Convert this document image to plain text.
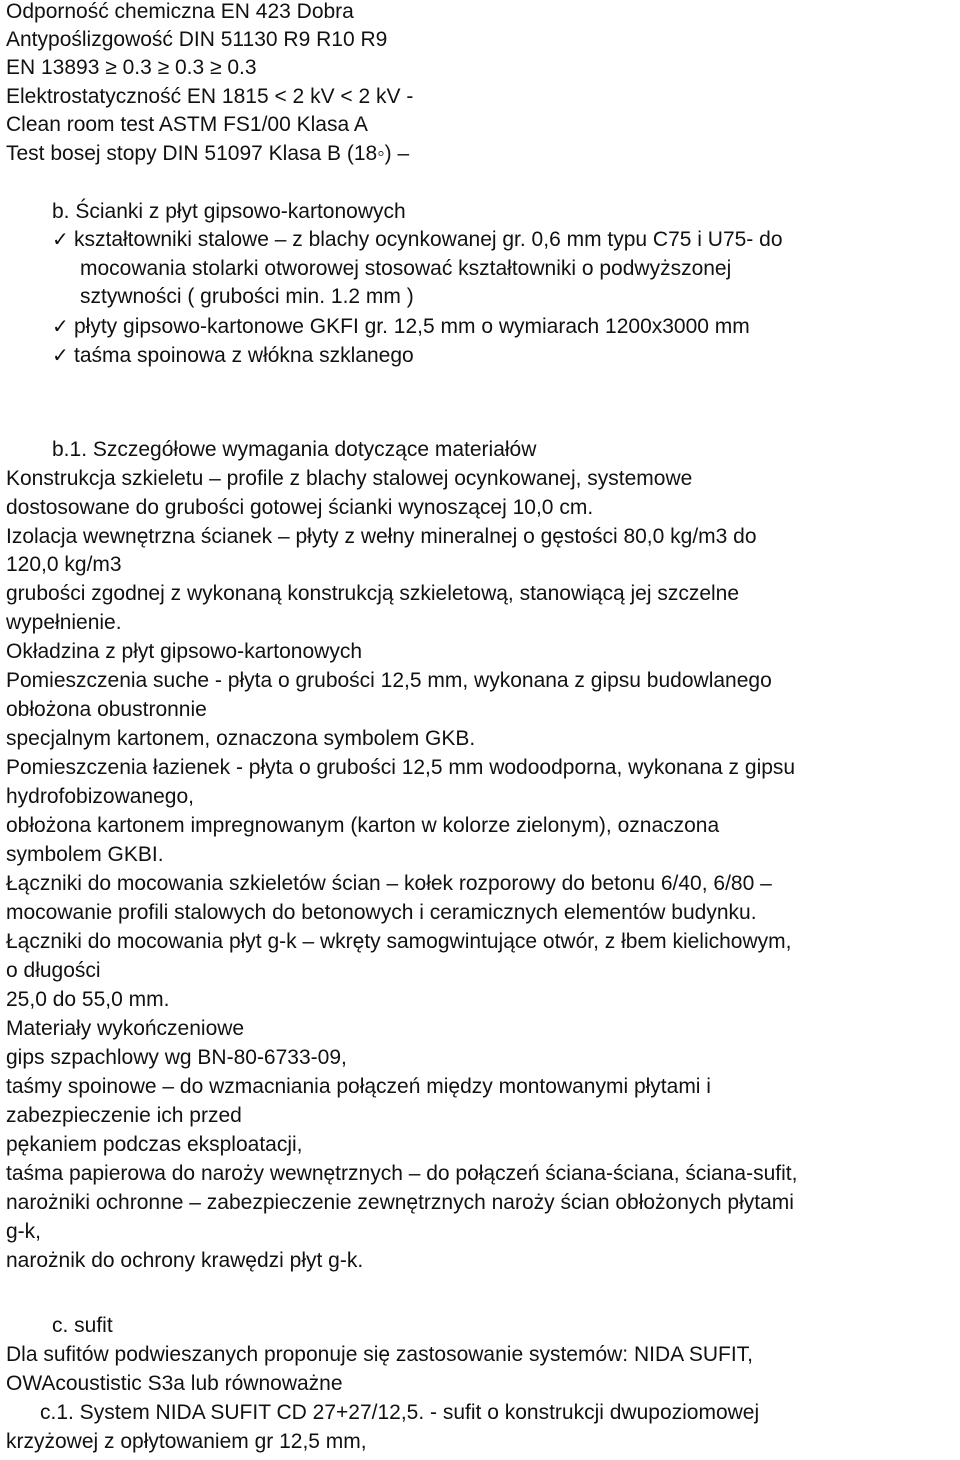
Odporność chemiczna EN 423 Dobra
Antypoślizgowość DIN 51130 R9 R10 R9
EN 13893 ≥ 0.3 ≥ 0.3 ≥ 0.3
Elektrostatyczność EN 1815 < 2 kV < 2 kV -
Clean room test ASTM FS1/00 Klasa A
Test bosej stopy DIN 51097 Klasa B (18◦) –
b. Ścianki z płyt gipsowo-kartonowych
✓ kształtowniki stalowe – z blachy ocynkowanej gr. 0,6 mm typu C75 i U75- do
mocowania stolarki otworowej stosować kształtowniki o podwyższonej
sztywności ( grubości min. 1.2 mm )
✓ płyty gipsowo-kartonowe GKFI gr. 12,5 mm o wymiarach 1200x3000 mm
✓ taśma spoinowa z włókna szklanego
b.1. Szczegółowe wymagania dotyczące materiałów
Konstrukcja szkieletu – profile z blachy stalowej ocynkowanej, systemowe
dostosowane do grubości gotowej ścianki wynoszącej 10,0 cm.
Izolacja wewnętrzna ścianek – płyty z wełny mineralnej o gęstości 80,0 kg/m3 do
120,0 kg/m3
grubości zgodnej z wykonaną konstrukcją szkieletową, stanowiącą jej szczelne
wypełnienie.
Okładzina z płyt gipsowo-kartonowych
Pomieszczenia suche - płyta o grubości 12,5 mm, wykonana z gipsu budowlanego
obłożona obustronnie
specjalnym kartonem, oznaczona symbolem GKB.
Pomieszczenia łazienek - płyta o grubości 12,5 mm wodoodporna, wykonana z gipsu
hydrofobizowanego,
obłożona kartonem impregnowanym (karton w kolorze zielonym), oznaczona
symbolem GKBI.
Łączniki do mocowania szkieletów ścian – kołek rozporowy do betonu 6/40, 6/80 –
mocowanie profili stalowych do betonowych i ceramicznych elementów budynku.
Łączniki do mocowania płyt g-k – wkręty samogwintujące otwór, z łbem kielichowym,
o długości
25,0 do 55,0 mm.
Materiały wykończeniowe
gips szpachlowy wg BN-80-6733-09,
taśmy spoinowe – do wzmacniania połączeń między montowanymi płytami i
zabezpieczenie ich przed
pękaniem podczas eksploatacji,
taśma papierowa do naroży wewnętrznych – do połączeń ściana-ściana, ściana-sufit,
narożniki ochronne – zabezpieczenie zewnętrznych naroży ścian obłożonych płytami
g-k,
narożnik do ochrony krawędzi płyt g-k.
c. sufit
Dla sufitów podwieszanych proponuje się zastosowanie systemów: NIDA SUFIT,
OWAcoustistic S3a lub równoważne
c.1. System NIDA SUFIT CD 27+27/12,5. - sufit o konstrukcji dwupoziomowej
krzyżowej z opłytowaniem gr 12,5 mm,
